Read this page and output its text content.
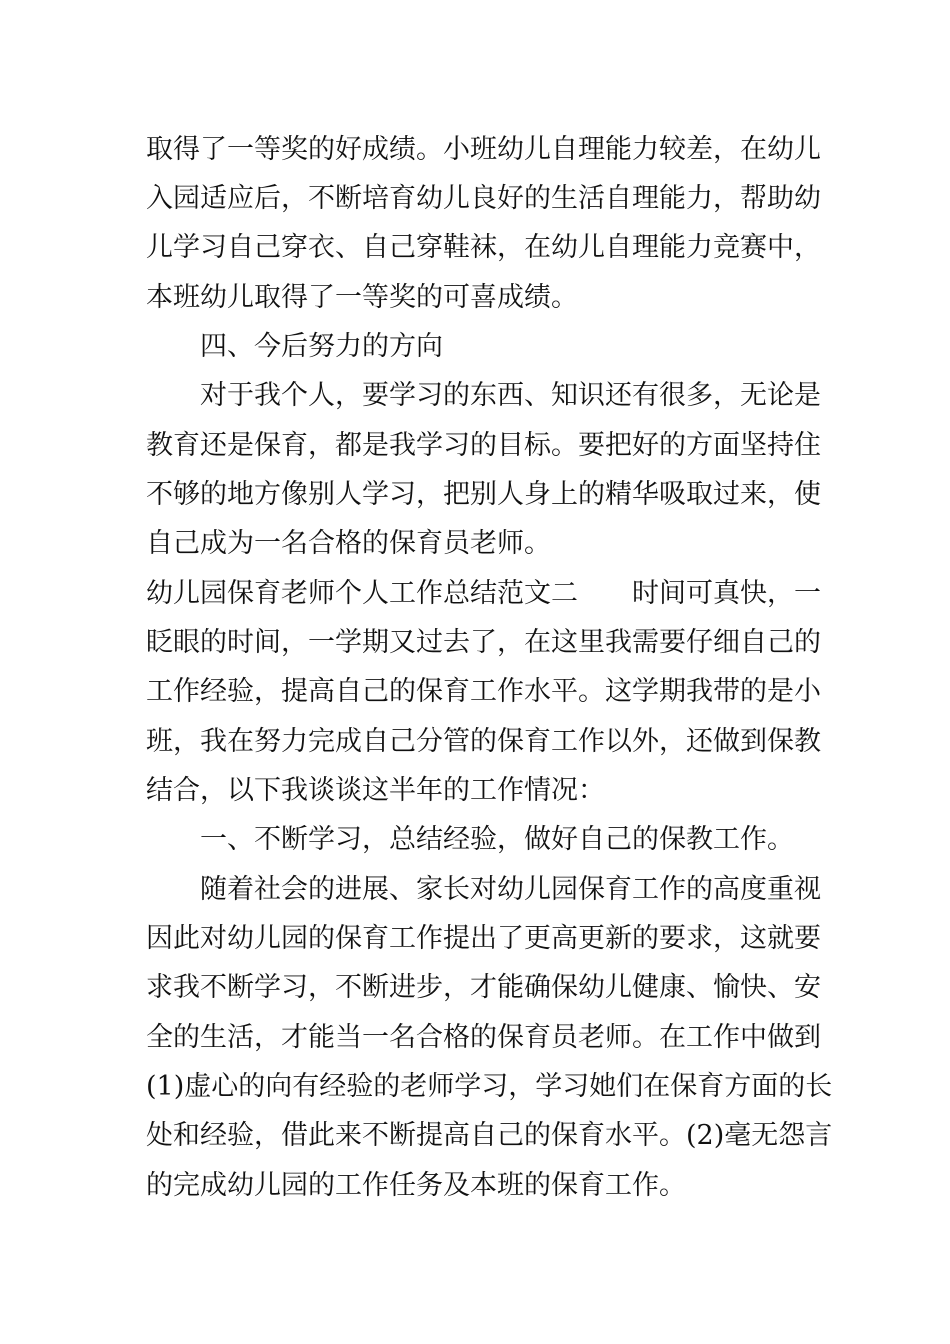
取得了一等奖的好成绩。小班幼儿自理能力较差，在幼儿
入园适应后，不断培育幼儿良好的生活自理能力，帮助幼
儿学习自己穿衣、自己穿鞋袜，在幼儿自理能力竞赛中，
本班幼儿取得了一等奖的可喜成绩。
四、今后努力的方向
对于我个人，要学习的东西、知识还有很多，无论是
教育还是保育，都是我学习的目标。要把好的方面坚持住
不够的地方像别人学习，把别人身上的精华吸取过来，使
自己成为一名合格的保育员老师。
幼儿园保育老师个人工作总结范文二 时间可真快，一
眨眼的时间，一学期又过去了，在这里我需要仔细自己的
工作经验，提高自己的保育工作水平。这学期我带的是小
班，我在努力完成自己分管的保育工作以外，还做到保教
结合，以下我谈谈这半年的工作情况：
一、不断学习，总结经验，做好自己的保教工作。
随着社会的进展、家长对幼儿园保育工作的高度重视
因此对幼儿园的保育工作提出了更高更新的要求，这就要
求我不断学习，不断进步，才能确保幼儿健康、愉快、安
全的生活，才能当一名合格的保育员老师。在工作中做到
(1)虚心的向有经验的老师学习，学习她们在保育方面的长
处和经验，借此来不断提高自己的保育水平。(2)毫无怨言
的完成幼儿园的工作任务及本班的保育工作。
